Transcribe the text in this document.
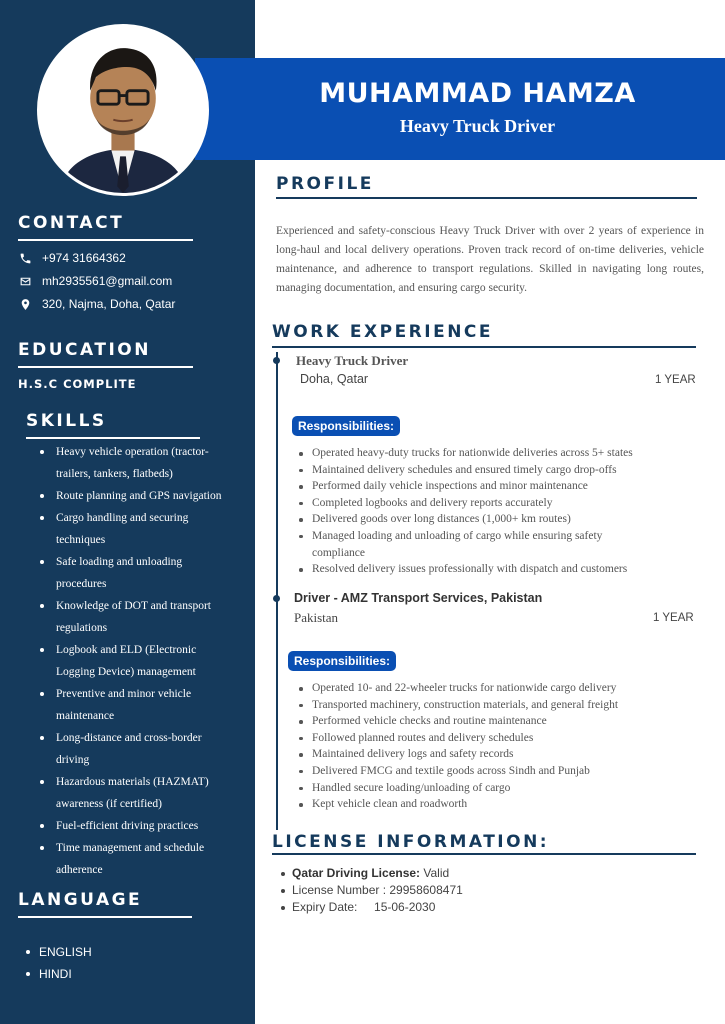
CONTACT
+974 31664362
mh2935561@gmail.com
320, Najma, Doha, Qatar
EDUCATION
H.S.C COMPLITE
SKILLS
Heavy vehicle operation (tractor-trailers, tankers, flatbeds)
Route planning and GPS navigation
Cargo handling and securing techniques
Safe loading and unloading procedures
Knowledge of DOT and transport regulations
Logbook and ELD (Electronic Logging Device) management
Preventive and minor vehicle maintenance
Long-distance and cross-border driving
Hazardous materials (HAZMAT) awareness (if certified)
Fuel-efficient driving practices
Time management and schedule adherence
LANGUAGE
ENGLISH
HINDI
MUHAMMAD HAMZA
Heavy Truck Driver
PROFILE
Experienced and safety-conscious Heavy Truck Driver with over 2 years of experience in long-haul and local delivery operations. Proven track record of on-time deliveries, vehicle maintenance, and adherence to transport regulations. Skilled in navigating long routes, managing documentation, and ensuring cargo security.
WORK EXPERIENCE
Heavy Truck Driver
Doha, Qatar	1 YEAR
Responsibilities:
Operated heavy-duty trucks for nationwide deliveries across 5+ states
Maintained delivery schedules and ensured timely cargo drop-offs
Performed daily vehicle inspections and minor maintenance
Completed logbooks and delivery reports accurately
Delivered goods over long distances (1,000+ km routes)
Managed loading and unloading of cargo while ensuring safety compliance
Resolved delivery issues professionally with dispatch and customers
Driver - AMZ Transport Services, Pakistan
Pakistan	1 YEAR
Responsibilities:
Operated 10- and 22-wheeler trucks for nationwide cargo delivery
Transported machinery, construction materials, and general freight
Performed vehicle checks and routine maintenance
Followed planned routes and delivery schedules
Maintained delivery logs and safety records
Delivered FMCG and textile goods across Sindh and Punjab
Handled secure loading/unloading of cargo
Kept vehicle clean and roadworth
LICENSE INFORMATION:
Qatar Driving License: Valid
License Number : 29958608471
Expiry Date:     15-06-2030
